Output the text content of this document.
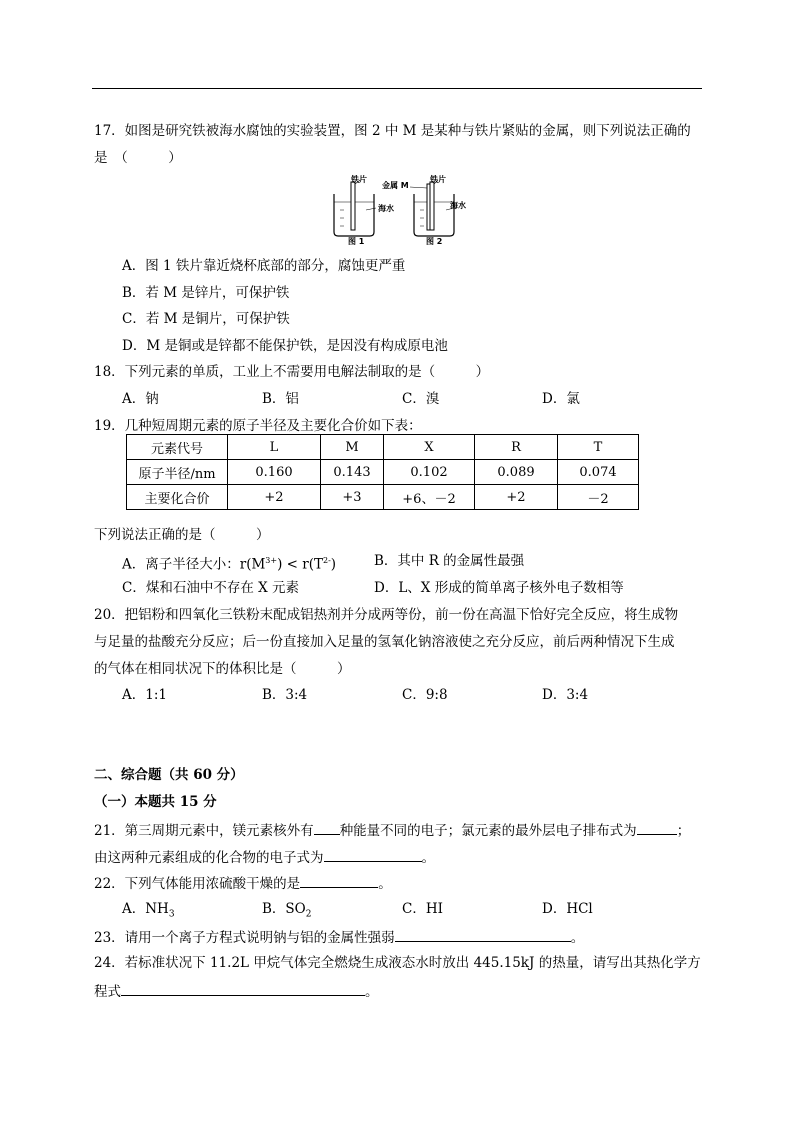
17．如图是研究铁被海水腐蚀的实验装置，图 2 中 M 是某种与铁片紧贴的金属，则下列说法正确的
是　（　　　）
铁片
海水
图 1
金属 M
铁片
海水
图 2
A．图 1 铁片靠近烧杯底部的部分，腐蚀更严重
B．若 M 是锌片，可保护铁
C．若 M 是铜片，可保护铁
D．M 是铜或是锌都不能保护铁，是因没有构成原电池
18．下列元素的单质，工业上不需要用电解法制取的是（　　　）
A．钠	B．铝	C．溴	D．氯
19．几种短周期元素的原子半径及主要化合价如下表：
元素代号	L	M	X	R	T
原子半径/nm	0.160	0.143	0.102	0.089	0.074
主要化合价	+2	+3	+6、－2	+2	－2
下列说法正确的是（　　　）
A．离子半径大小：$r(M^{3+}) < r(T^{2-})$	B．其中 R 的金属性最强
C．煤和石油中不存在 X 元素	D．L、X 形成的简单离子核外电子数相等
20．把铝粉和四氧化三铁粉末配成铝热剂并分成两等份，前一份在高温下恰好完全反应，将生成物
与足量的盐酸充分反应；后一份直接加入足量的氢氧化钠溶液使之充分反应，前后两种情况下生成
的气体在相同状况下的体积比是（　　　）
A．1:1	B．3:4	C．9:8	D．3:4
二、综合题（共 60 分）
（一）本题共 15 分
21．第三周期元素中，镁元素核外有 种能量不同的电子；氯元素的最外层电子排布式为	；
由这两种元素组成的化合物的电子式为	。
22．下列气体能用浓硫酸干燥的是	。
A．$NH_3$	B．$SO_2$	C．HI	D．HCl
23．请用一个离子方程式说明钠与铝的金属性强弱	。
24．若标准状况下 11.2L 甲烷气体完全燃烧生成液态水时放出 445.15kJ 的热量，请写出其热化学方
程式	。
